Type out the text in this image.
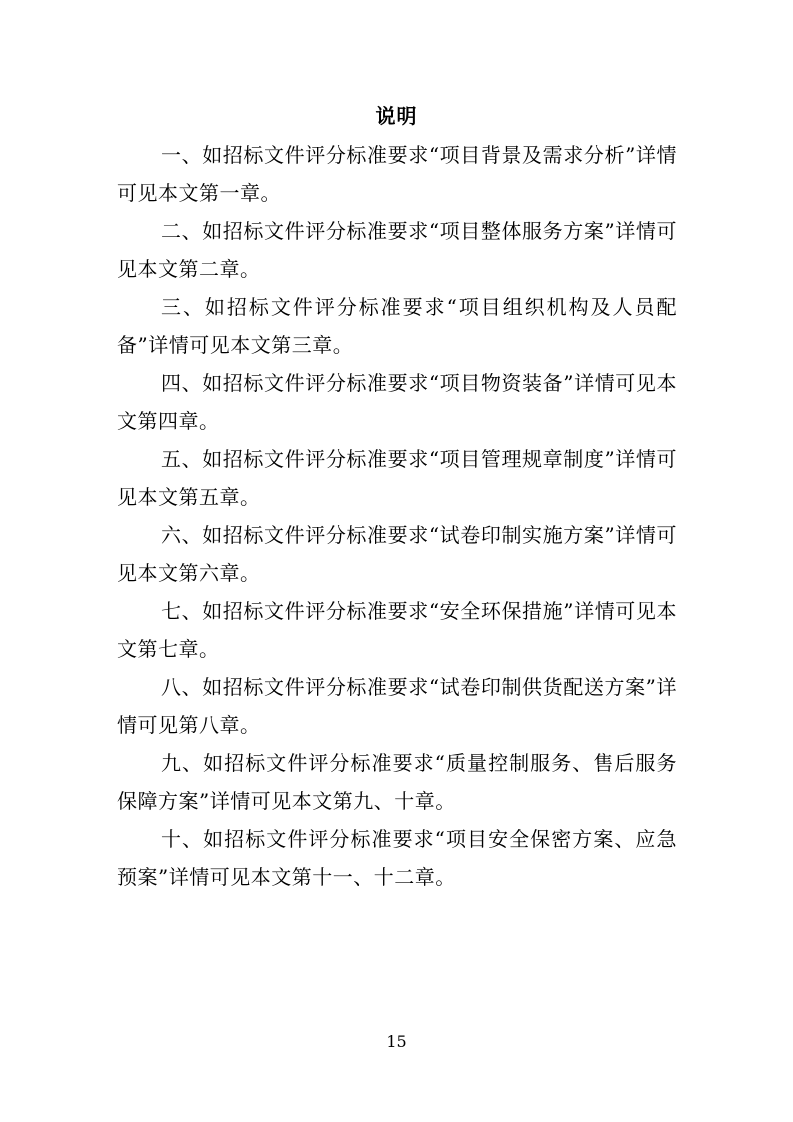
说明

一、如招标文件评分标准要求“项目背景及需求分析”详情可见本文第一章。

二、如招标文件评分标准要求“项目整体服务方案”详情可见本文第二章。

三、如招标文件评分标准要求“项目组织机构及人员配备”详情可见本文第三章。

四、如招标文件评分标准要求“项目物资装备”详情可见本文第四章。

五、如招标文件评分标准要求“项目管理规章制度”详情可见本文第五章。

六、如招标文件评分标准要求“试卷印制实施方案”详情可见本文第六章。

七、如招标文件评分标准要求“安全环保措施”详情可见本文第七章。

八、如招标文件评分标准要求“试卷印制供货配送方案”详情可见第八章。

九、如招标文件评分标准要求“质量控制服务、售后服务保障方案”详情可见本文第九、十章。

十、如招标文件评分标准要求“项目安全保密方案、应急预案”详情可见本文第十一、十二章。

15
